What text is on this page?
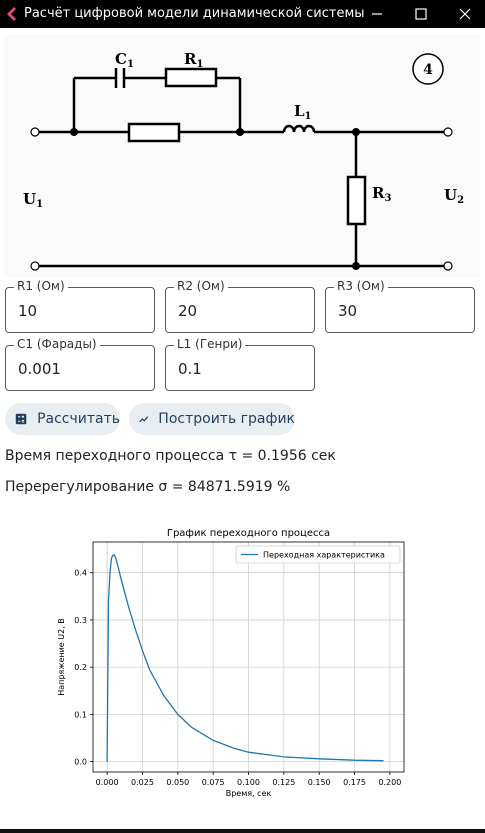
Расчёт цифровой модели динамической системы
4
$C_1$	$R_1$
$L_1$
$R_3$
$U_1$
$U_2$
R1 (Ом)
10
R2 (Ом)
20
R3 (Ом)
30
C1 (Фарады)
0.001
L1 (Генри)
0.1
Рассчитать	Построить график
Время переходного процесса τ = 0.1956 сек
Перерегулирование σ = 84871.5919 %
0.000 0.025 0.050 0.075 0.100 0.125 0.150 0.175 0.200
0.0
0.1
0.2
0.3
0.4
График переходного процесса
Время, сек
Напряжение U2, В
Переходная характеристика
